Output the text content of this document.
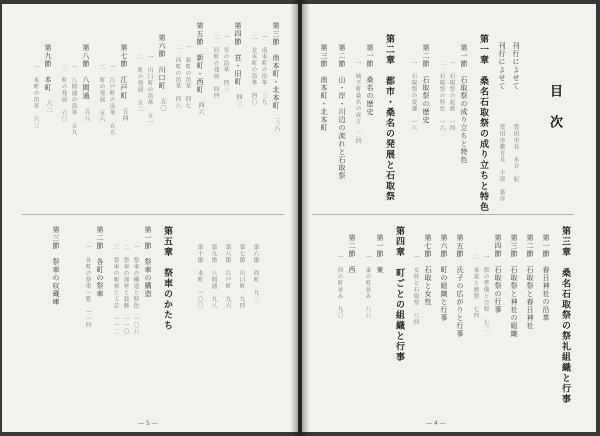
第三節　南本町・北本町　三八
一　南本町の沿革　三九
二　北本町の沿革　四〇
第四節　宮・旧町　四二
一　宮の沿革　四三
二　旧町の発展　四四
第五節　新町・西町　四六
一　新町の沿革　四七
二　西町の沿革　四八
第六節　川口町　五〇
一　川口町の沿革　五一
二　町の発展　五二
第七節　江戸町　五四
一　江戸町の沿革　五五
二　町の発展　五六
第八節　八間通　五八
一　八間通の沿革　五九
二　町の発展　六〇
第九節　本町　六二
一　本町の沿革　六三
第五章　祭車のかたち
第一節　祭車の構造
一　祭車の構造と特色　一〇八
二　祭車の部材と装飾　一一〇
三　祭車の彫刻と工芸　一一二
第二節　各町の祭車
一　各町の祭車一覧　一一四
第三節　祭車の収蔵庫	第六節　西町　九二
第七節　川口町　九四
第八節　江戸町　九六
第九節　八間通　九八
第十節　本町　一〇〇
― 5 ―
目次
刊行によせて
豊田市長　水谷　紀
刊行によせて
豊田市教育長　小津　嘉彦
第一章　桑名石取祭の成り立ちと特色
第一節　石取祭の成り立ちと特色
一　石取祭の起源　一四
二　石取祭の特色　一六
第二節　石取祭の歴史
一　石取祭の変遷　一八
第二章　都市・桑名の発展と石取祭
第一節　桑名の歴史
一　城下町桑名の成立　二四
第二節　山・岸・川辺の流れと石取祭
第三節　南本町・北本町
第三章　桑名石取祭の祭礼組織と行事
第一節　春日神社の沿革
第二節　石取祭と春日神社
第三節　石取祭と神社の組織
第四節　石取祭の行事
一　祭の準備と日程　七二
二　本楽と渡祭　七四
第五節　氏子の広がりと行事
第六節　町の組織と行事
第七節　石取と女性
一　女性と石取祭　八四
第四章　町ごとの組織と行事
第一節　東
一　東の町並み　八八
第二節　西
一　西の町並み　九〇
― 4 ―
